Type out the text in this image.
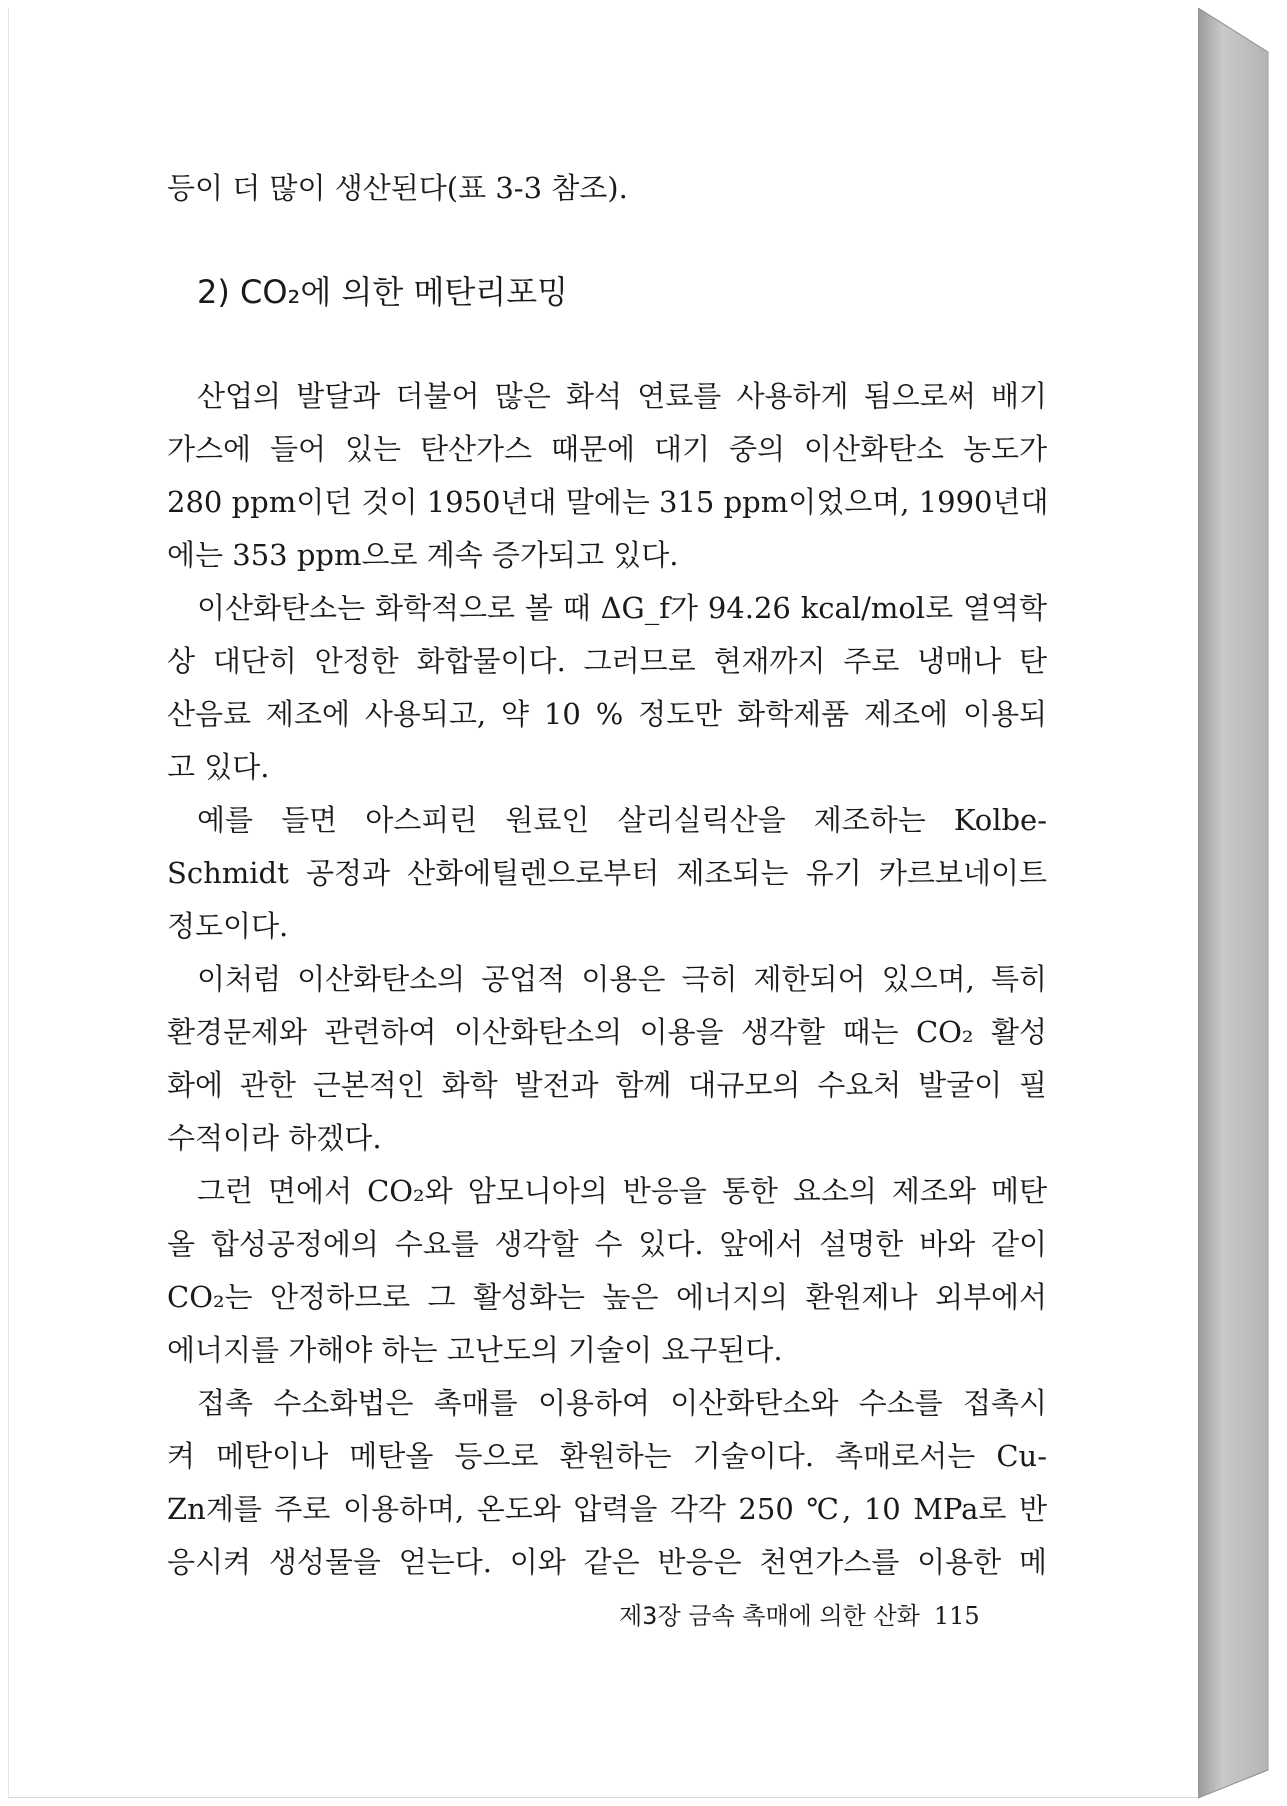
등이 더 많이 생산된다(표 3-3 참조).
2) CO₂에 의한 메탄리포밍
산업의 발달과 더불어 많은 화석 연료를 사용하게 됨으로써 배기
가스에 들어 있는 탄산가스 때문에 대기 중의 이산화탄소 농도가
280 ppm이던 것이 1950년대 말에는 315 ppm이었으며, 1990년대
에는 353 ppm으로 계속 증가되고 있다.
이산화탄소는 화학적으로 볼 때 ΔG_f가 94.26 kcal/mol로 열역학
상 대단히 안정한 화합물이다. 그러므로 현재까지 주로 냉매나 탄
산음료 제조에 사용되고, 약 10 % 정도만 화학제품 제조에 이용되
고 있다.
예를 들면 아스피린 원료인 살리실릭산을 제조하는 Kolbe-
Schmidt 공정과 산화에틸렌으로부터 제조되는 유기 카르보네이트
정도이다.
이처럼 이산화탄소의 공업적 이용은 극히 제한되어 있으며, 특히
환경문제와 관련하여 이산화탄소의 이용을 생각할 때는 CO₂ 활성
화에 관한 근본적인 화학 발전과 함께 대규모의 수요처 발굴이 필
수적이라 하겠다.
그런 면에서 CO₂와 암모니아의 반응을 통한 요소의 제조와 메탄
올 합성공정에의 수요를 생각할 수 있다. 앞에서 설명한 바와 같이
CO₂는 안정하므로 그 활성화는 높은 에너지의 환원제나 외부에서
에너지를 가해야 하는 고난도의 기술이 요구된다.
접촉 수소화법은 촉매를 이용하여 이산화탄소와 수소를 접촉시
켜 메탄이나 메탄올 등으로 환원하는 기술이다. 촉매로서는 Cu-
Zn계를 주로 이용하며, 온도와 압력을 각각 250 ℃, 10 MPa로 반
응시켜 생성물을 얻는다. 이와 같은 반응은 천연가스를 이용한 메
제3장 금속 촉매에 의한 산화 115
